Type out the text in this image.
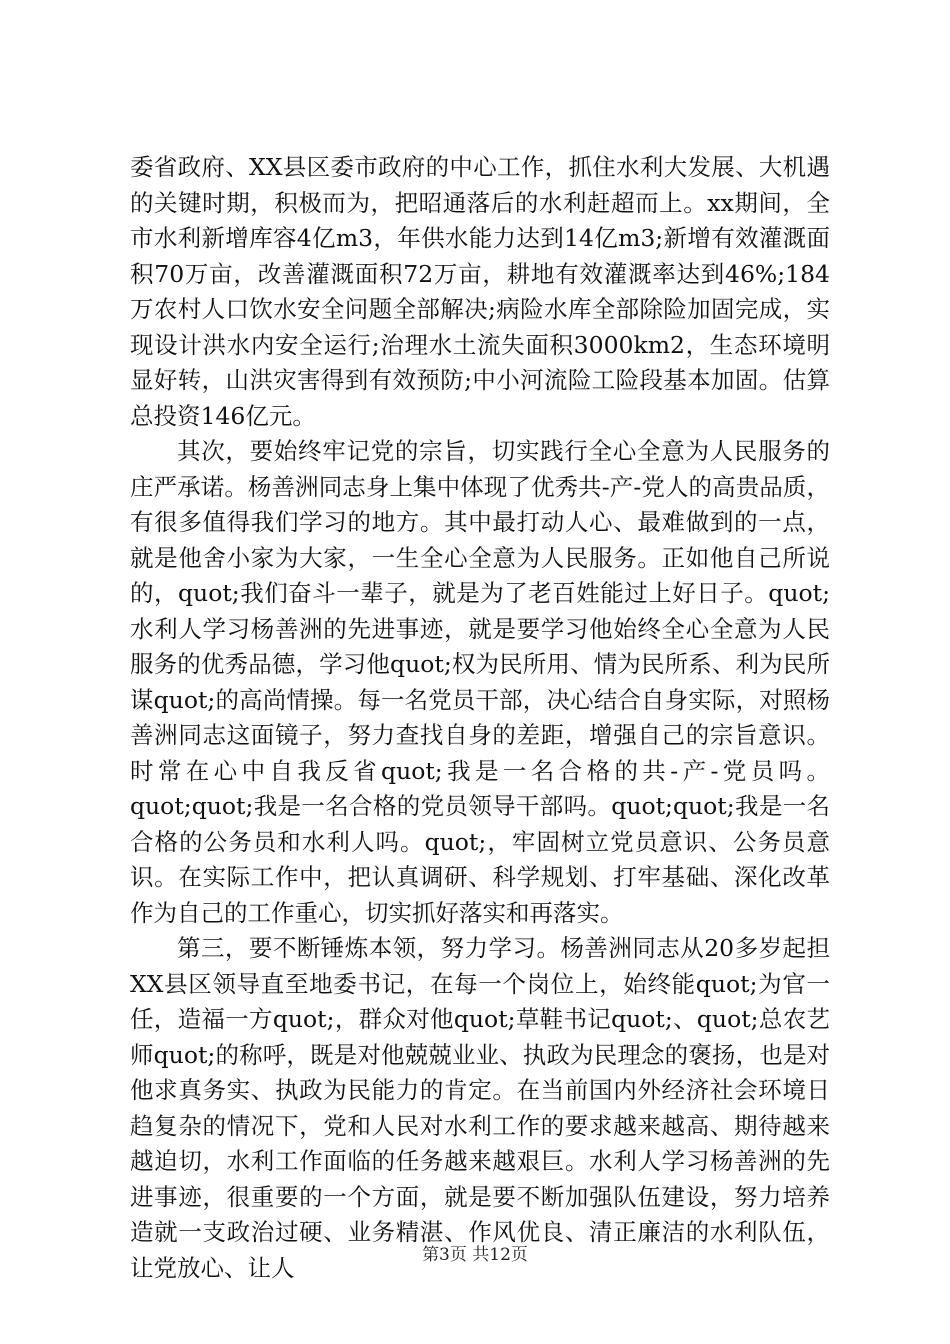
委省政府、XX县区委市政府的中心工作，抓住水利大发展、大机遇的关键时期，积极而为，把昭通落后的水利赶超而上。xx期间，全市水利新增库容4亿m3，年供水能力达到14亿m3;新增有效灌溉面积70万亩，改善灌溉面积72万亩，耕地有效灌溉率达到46%;184万农村人口饮水安全问题全部解决;病险水库全部除险加固完成，实现设计洪水内安全运行;治理水土流失面积3000km2，生态环境明显好转，山洪灾害得到有效预防;中小河流险工险段基本加固。估算总投资146亿元。

其次，要始终牢记党的宗旨，切实践行全心全意为人民服务的庄严承诺。杨善洲同志身上集中体现了优秀共-产-党人的高贵品质，有很多值得我们学习的地方。其中最打动人心、最难做到的一点，就是他舍小家为大家，一生全心全意为人民服务。正如他自己所说的，quot;我们奋斗一辈子，就是为了老百姓能过上好日子。quot;水利人学习杨善洲的先进事迹，就是要学习他始终全心全意为人民服务的优秀品德，学习他quot;权为民所用、情为民所系、利为民所谋quot;的高尚情操。每一名党员干部，决心结合自身实际，对照杨善洲同志这面镜子，努力查找自身的差距，增强自己的宗旨意识。时常在心中自我反省quot;我是一名合格的共-产-党员吗。quot;quot;我是一名合格的党员领导干部吗。quot;quot;我是一名合格的公务员和水利人吗。quot;，牢固树立党员意识、公务员意识。在实际工作中，把认真调研、科学规划、打牢基础、深化改革作为自己的工作重心，切实抓好落实和再落实。

第三，要不断锤炼本领，努力学习。杨善洲同志从20多岁起担XX县区领导直至地委书记，在每一个岗位上，始终能quot;为官一任，造福一方quot;，群众对他quot;草鞋书记quot;、quot;总农艺师quot;的称呼，既是对他兢兢业业、执政为民理念的褒扬，也是对他求真务实、执政为民能力的肯定。在当前国内外经济社会环境日趋复杂的情况下，党和人民对水利工作的要求越来越高、期待越来越迫切，水利工作面临的任务越来越艰巨。水利人学习杨善洲的先进事迹，很重要的一个方面，就是要不断加强队伍建设，努力培养造就一支政治过硬、业务精湛、作风优良、清正廉洁的水利队伍，让党放心、让人	第3页 共12页
